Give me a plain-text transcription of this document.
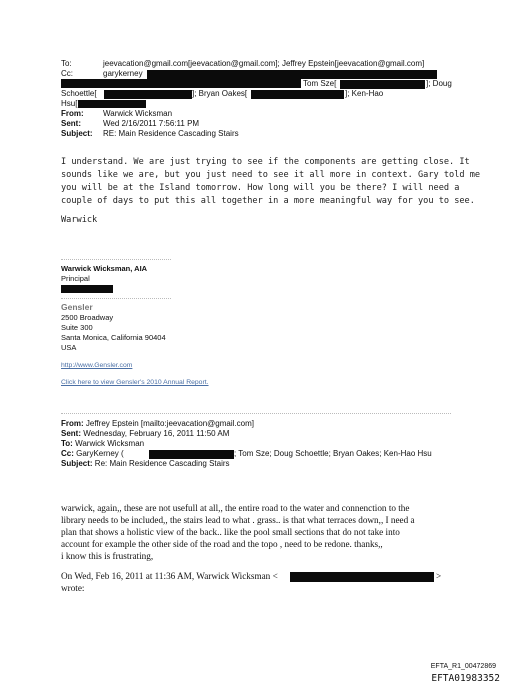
To:	jeevacation@gmail.com[jeevacation@gmail.com]; Jeffrey Epstein[jeevacation@gmail.com]
Cc:	garykerney
Tom Sze[	]; Doug
Schoettle[	]; Bryan Oakes[	]; Ken-Hao
Hsu[
From: Warwick Wicksman
Sent:	Wed 2/16/2011 7:56:11 PM
Subject: RE: Main Residence Cascading Stairs
I understand. We are just trying to see if the components are getting close. It
sounds like we are, but you just need to see it all more in context. Gary told me
you will be at the Island tomorrow. How long will you be there? I will need a
couple of days to put this all together in a more meaningful way for you to see.
Warwick
Warwick Wicksman, AIA
Principal
Gensler
2500 Broadway
Suite 300
Santa Monica, California 90404
USA
http://www.Gensler.com
Click here to view Gensler's 2010 Annual Report.
From: Jeffrey Epstein [mailto:jeevacation@gmail.com]
Sent: Wednesday, February 16, 2011 11:50 AM
To: Warwick Wicksman
Cc: GaryKerney (	; Tom Sze; Doug Schoettle; Bryan Oakes; Ken-Hao Hsu
Subject: Re: Main Residence Cascading Stairs
warwick, again,, these are not usefull at all,, the entire road to the water and connenction to the
library needs to be included,, the stairs lead to what . grass.. is that what terraces down,, I need a
plan that shows a holistic view of the back.. like the pool small sections that do not take into
account for example the other side of the road and the topo , need to be redone. thanks,,
i know this is frustrating,
On Wed, Feb 16, 2011 at 11:36 AM, Warwick Wicksman <	>
wrote:
EFTA_R1_00472869
EFTA01983352
